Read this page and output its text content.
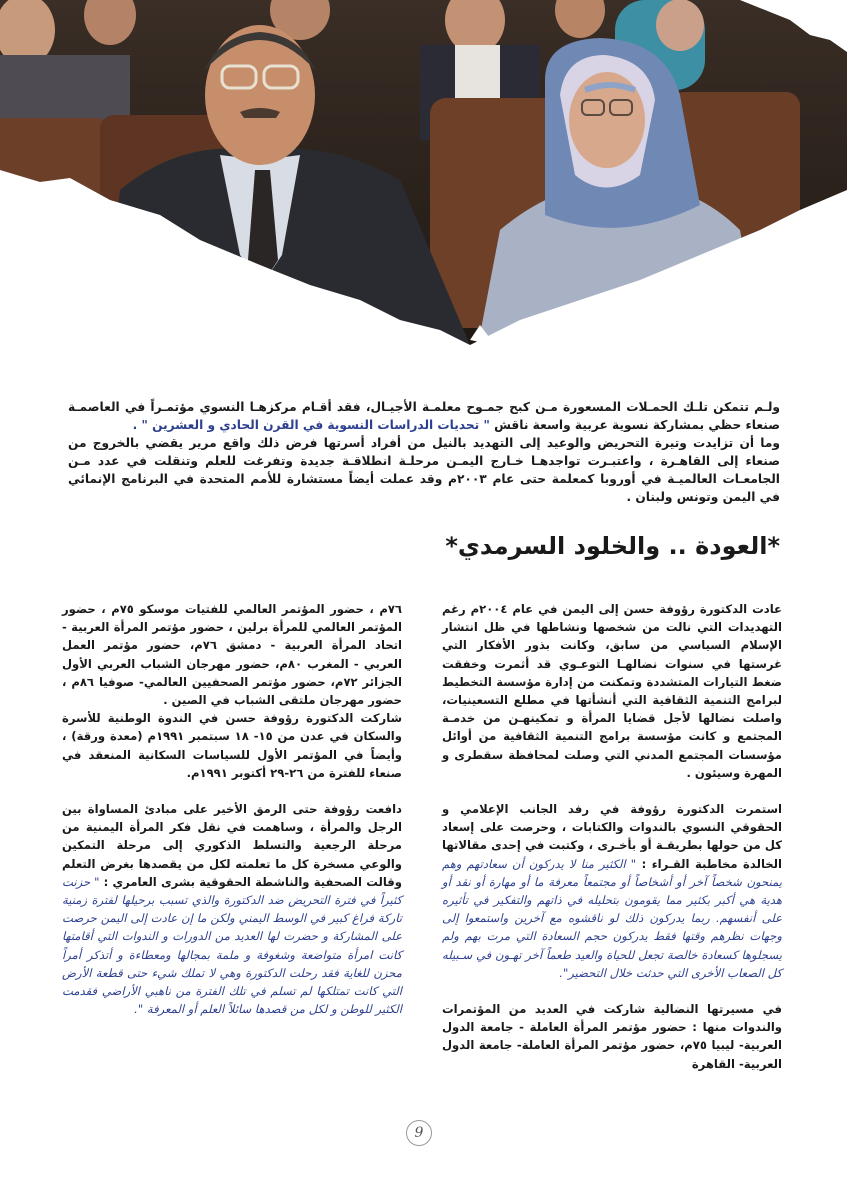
ولـم تتمكن تلـك الحمـلات المسعورة مـن كبح جمـوح معلمـة الأجيـال، فقد أقـام مركزهـا النسوي مؤتمـراً في العاصمـة صنعاء حظي بمشاركة نسوية عربية واسعة ناقش " تحديات الدراسات النسوية في القرن الحادي و العشرين " .

وما أن تزايدت وتيرة التحريض والوعيد إلى التهديد بالنيل من أفراد أسرتها فرض ذلك واقع مرير يقضي بالخروج من صنعاء إلى القاهـرة ، واعتبـرت تواجدهـا خـارج اليمـن مرحلـة انطلاقـة جديدة وتفرغت للعلم وتنقلت في عدد مـن الجامعـات العالميـة في أوروبا كمعلمة حتى عام ٢٠٠٣م وقد عملت أيضاً مستشارة للأمم المتحدة في البرنامج الإنمائي في اليمن وتونس ولبنان .

*العودة .. والخلود السرمدي*

عادت الدكتورة رؤوفة حسن إلى اليمن في عام ٢٠٠٤م رغم التهديدات التي نالت من شخصها ونشاطها في ظل انتشار الإسلام السياسي من سابق، وكانت بذور الأفكار التي غرستها في سنوات نضالهـا التوعـوي قد أثمرت وخفقت ضغط التيارات المتشددة وتمكنت من إدارة مؤسسة التخطيط لبرامج التنمية الثقافية التي أنشأتها في مطلع التسعينيات، واصلت نضالها لأجل قضايا المرأة و تمكينهـن من خدمـة المجتمع و كانت مؤسسة برامج التنمية الثقافية من أوائل مؤسسات المجتمع المدني التي وصلت لمحافظة سقطرى و المهرة وسيئون .

استمرت الدكتورة رؤوفة في رفد الجانب الإعلامي و الحقوقي النسوي بالندوات والكتابات ، وحرصت على إسعاد كل من حولها بطريقـة أو بأخـرى ، وكتبت في إحدى مقالاتها الخالدة مخاطبة القـراء : " الكثير منا لا يدركون أن سعادتهم وهم يمنحون شخصاً آخر أو أشخاصاً أو مجتمعاً معرفة ما أو مهارة أو نقد أو هدية هي أكبر بكثير مما يقومون بتحليله في ذاتهم والتفكير في تأثيره على أنفسهم. ربما يدركون ذلك لو ناقشوه مع آخرين واستمعوا إلى وجهات نظرهم وقتها فقط يدركون حجم السعادة التي مرت بهم ولم يسجلوها كسعادة خالصة تجعل للحياة والعيد طعماً آخر تهـون في سـبيله كل الصعاب الأخرى التي حدثت خلال التحضير".

في مسيرتها النضالية شاركت في العديد من المؤتمرات والندوات منها : حضور مؤتمر المرأة العاملة - جامعة الدول العربية- ليبيا ٧٥م، حضور مؤتمر المرأة العاملة- جامعة الدول العربية- القاهرة

٧٦م ، حضور المؤتمر العالمي للفتيات موسكو ٧٥م ، حضور المؤتمر العالمي للمرأة برلين ، حضور مؤتمر المرأة العربية - اتحاد المرأة العربية - دمشق ٧٦م، حضور مؤتمر العمل العربي - المغرب ٨٠م، حضور مهرجان الشباب العربي الأول الجزائر ٧٢م، حضور مؤتمر الصحفيين العالمي- صوفيا ٨٦م ، حضور مهرجان ملتقى الشباب في الصين .

شاركت الدكتورة رؤوفة حسن في الندوة الوطنية للأسرة والسكان في عدن من ١٥- ١٨ سبتمبر ١٩٩١م (معدة ورقة) ، وأيضاً في المؤتمر الأول للسياسات السكانية المنعقد في صنعاء للفترة من ٢٦-٢٩ أكتوبر ١٩٩١م.

دافعت رؤوفة حتى الرمق الأخير على مبادئ المساواة بين الرجل والمرأة ، وساهمت في نقل فكر المرأة اليمنية من مرحلة الرجعية والتسلط الذكوري إلى مرحلة التمكين والوعي مسخرة كل ما تعلمته لكل من يقصدها بغرض التعلم وقالت الصحفية والناشطة الحقوقية بشرى العامري : " حزنت كثيراً في فترة التحريض ضد الدكتورة والذي تسبب برحيلها لفترة زمنية تاركة فراغ كبير في الوسط اليمني ولكن ما إن عادت إلى اليمن حرصت على المشاركة و حضرت لها العديد من الدورات و الندوات التي أقامتها كانت امرأة متواضعة وشغوفة و ملمة بمجالها ومعطاءة و أتذكر أمراً محزن للغاية فقد رحلت الدكتورة وهي لا تملك شيء حتى قطعة الأرض التي كانت تمتلكها لم تسلم في تلك الفترة من ناهبي الأراضي فقدمت الكثير للوطن و لكل من قصدها سائلاً العلم أو المعرفة ".

9
